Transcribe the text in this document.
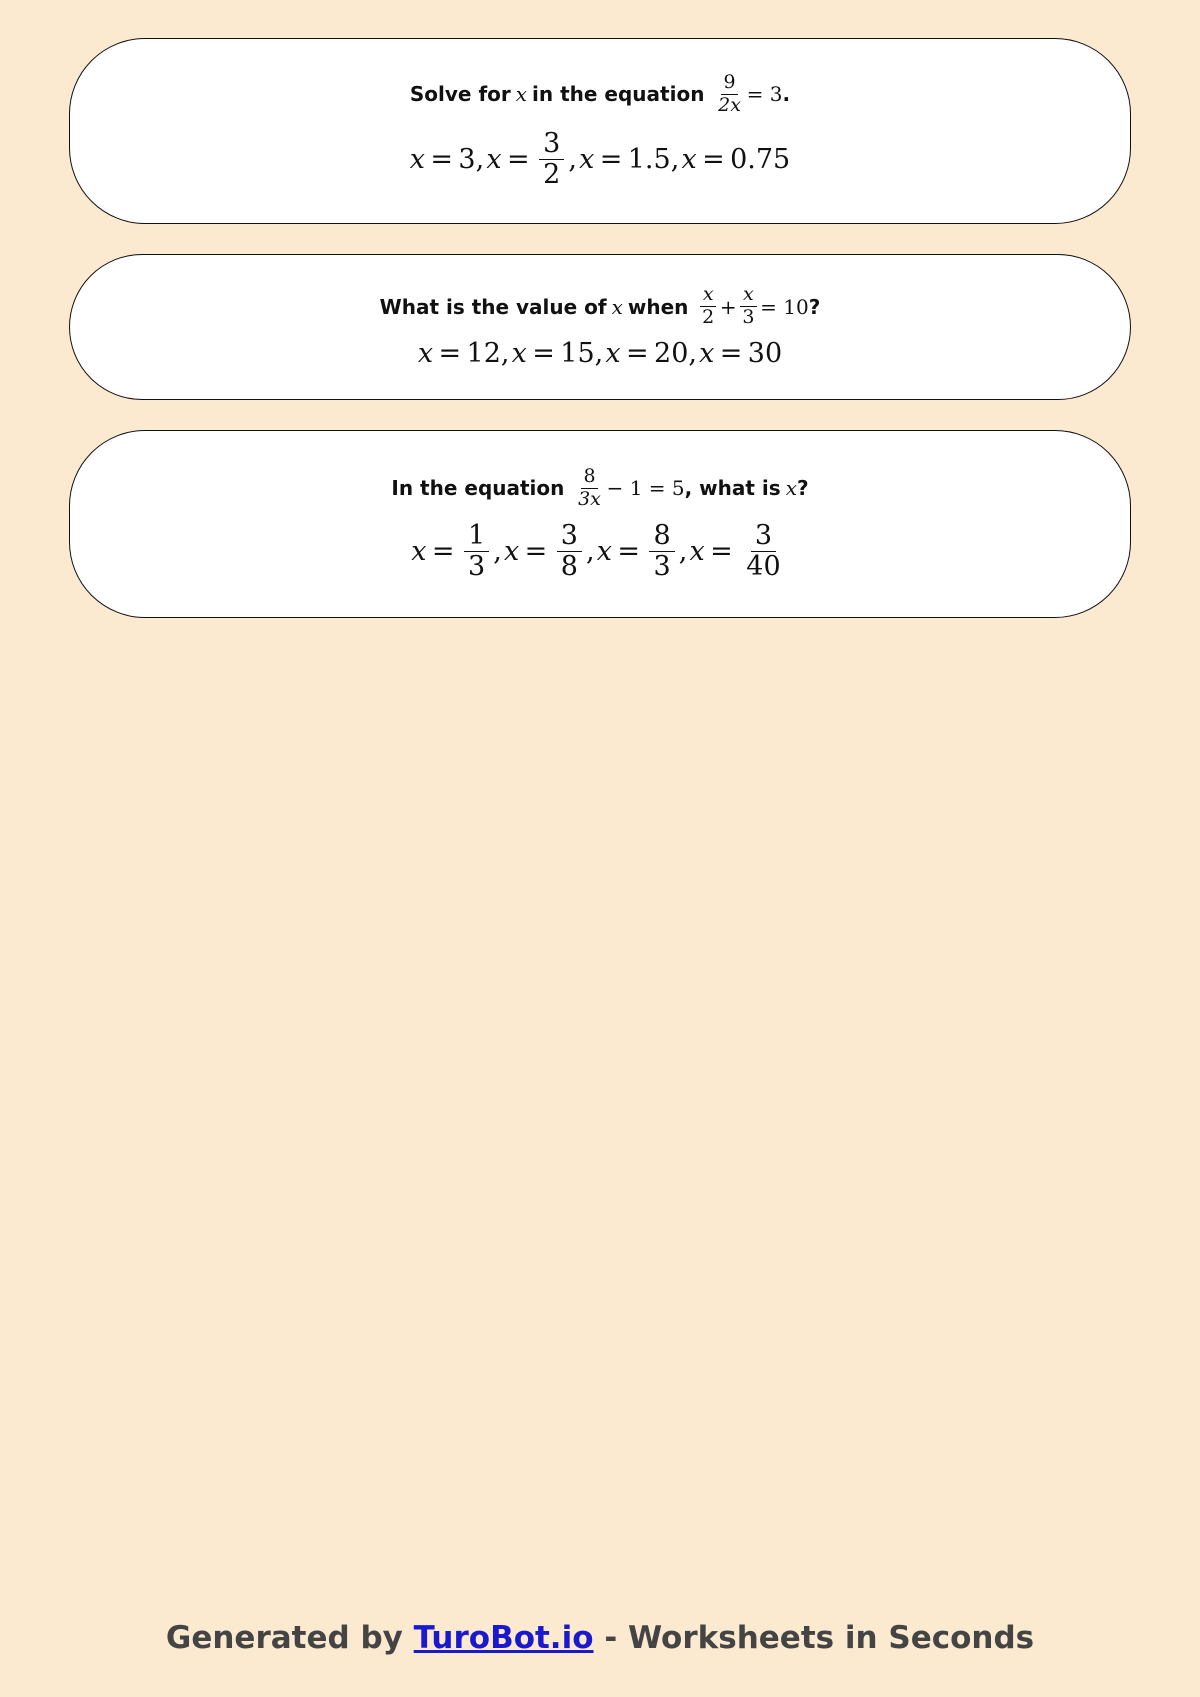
Solve for x in the equation $\frac{9}{2x} = 3$ .
x = 3 , $x = \frac{3}{2}$ , x = 1.5 , x = 0.75
What is the value of x when $\frac{x}{2} + \frac{x}{3} = 10$ ?
x = 12 , x = 15 , x = 20 , x = 30
In the equation $\frac{8}{3x} - 1 = 5$ , what is x ?
$x = \frac{1}{3}$ , $x = \frac{3}{8}$ , $x = \frac{8}{3}$ , $x = \frac{3}{40}$
Generated by TuroBot.io - Worksheets in Seconds
